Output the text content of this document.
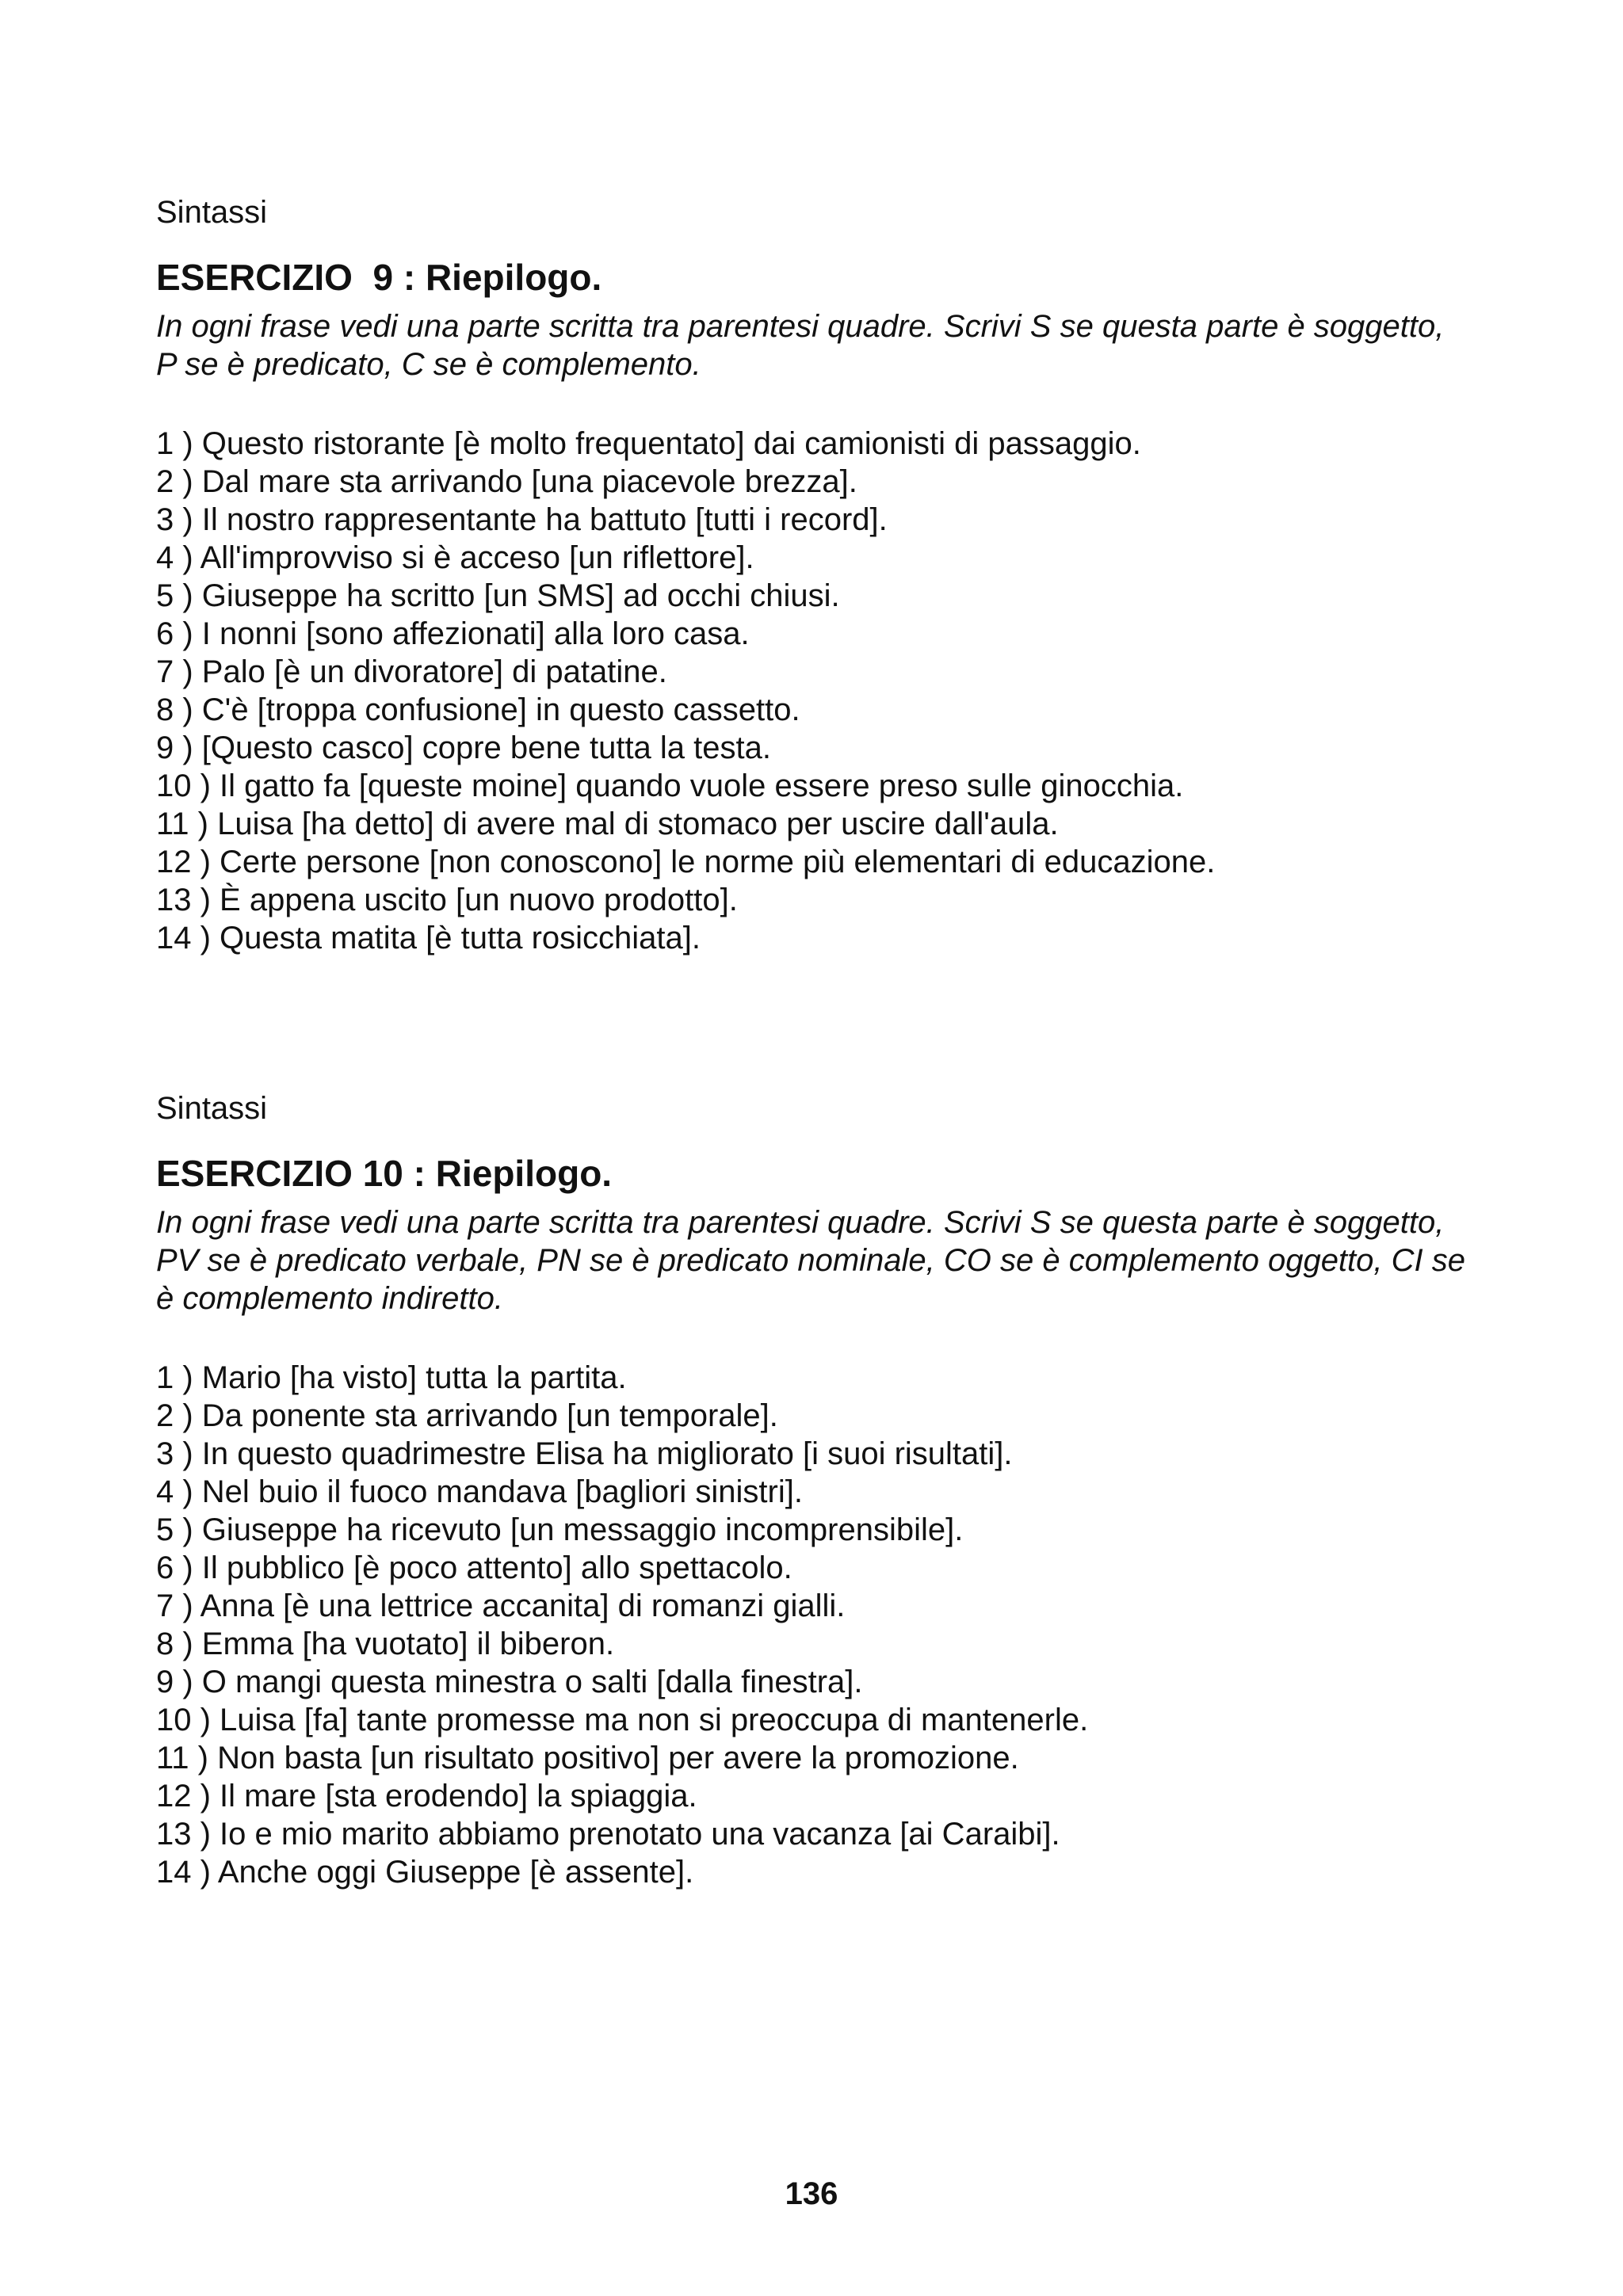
Sintassi

ESERCIZIO  9 : Riepilogo.

In ogni frase vedi una parte scritta tra parentesi quadre. Scrivi S se questa parte è soggetto, P se è predicato, C se è complemento.

1 ) Questo ristorante [è molto frequentato] dai camionisti di passaggio.
2 ) Dal mare sta arrivando [una piacevole brezza].
3 ) Il nostro rappresentante ha battuto [tutti i record].
4 ) All'improvviso si è acceso [un riflettore].
5 ) Giuseppe ha scritto [un SMS] ad occhi chiusi.
6 ) I nonni [sono affezionati] alla loro casa.
7 ) Palo [è un divoratore] di patatine.
8 ) C'è [troppa confusione] in questo cassetto.
9 ) [Questo casco] copre bene tutta la testa.
10 ) Il gatto fa [queste moine] quando vuole essere preso sulle ginocchia.
11 ) Luisa [ha detto] di avere mal di stomaco per uscire dall'aula.
12 ) Certe persone [non conoscono] le norme più elementari di educazione.
13 ) È appena uscito [un nuovo prodotto].
14 ) Questa matita [è tutta rosicchiata].

Sintassi

ESERCIZIO 10 : Riepilogo.

In ogni frase vedi una parte scritta tra parentesi quadre. Scrivi S se questa parte è soggetto, PV se è predicato verbale, PN se è predicato nominale, CO se è complemento oggetto, CI se è complemento indiretto.

1 ) Mario [ha visto] tutta la partita.
2 ) Da ponente sta arrivando [un temporale].
3 ) In questo quadrimestre Elisa ha migliorato [i suoi risultati].
4 ) Nel buio il fuoco mandava [bagliori sinistri].
5 ) Giuseppe ha ricevuto [un messaggio incomprensibile].
6 ) Il pubblico [è poco attento] allo spettacolo.
7 ) Anna [è una lettrice accanita] di romanzi gialli.
8 ) Emma [ha vuotato] il biberon.
9 ) O mangi questa minestra o salti [dalla finestra].
10 ) Luisa [fa] tante promesse ma non si preoccupa di mantenerle.
11 ) Non basta [un risultato positivo] per avere la promozione.
12 ) Il mare [sta erodendo] la spiaggia.
13 ) Io e mio marito abbiamo prenotato una vacanza [ai Caraibi].
14 ) Anche oggi Giuseppe [è assente].
136
